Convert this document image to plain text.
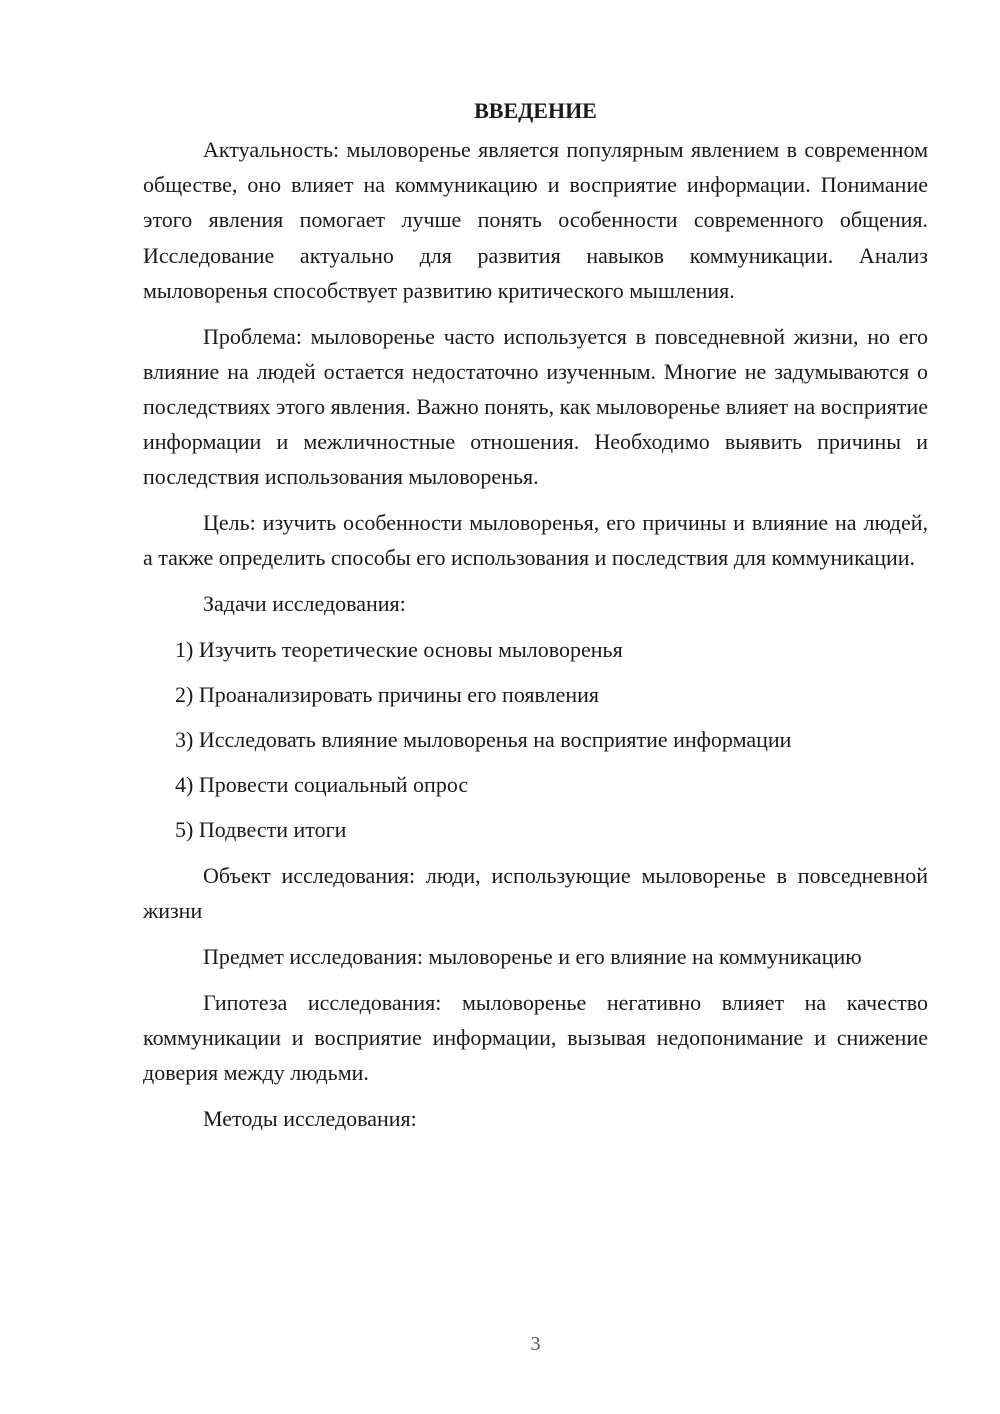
ВВЕДЕНИЕ

Актуальность: мыловоренье является популярным явлением в современном обществе, оно влияет на коммуникацию и восприятие информации. Понимание этого явления помогает лучше понять особенности современного общения. Исследование актуально для развития навыков коммуникации. Анализ мыловоренья способствует развитию критического мышления.

Проблема: мыловоренье часто используется в повседневной жизни, но его влияние на людей остается недостаточно изученным. Многие не задумываются о последствиях этого явления. Важно понять, как мыловоренье влияет на восприятие информации и межличностные отношения. Необходимо выявить причины и последствия использования мыловоренья.

Цель: изучить особенности мыловоренья, его причины и влияние на людей, а также определить способы его использования и последствия для коммуникации.

Задачи исследования:

1) Изучить теоретические основы мыловоренья
2) Проанализировать причины его появления
3) Исследовать влияние мыловоренья на восприятие информации
4) Провести социальный опрос
5) Подвести итоги

Объект исследования: люди, использующие мыловоренье в повседневной жизни

Предмет исследования: мыловоренье и его влияние на коммуникацию

Гипотеза исследования: мыловоренье негативно влияет на качество коммуникации и восприятие информации, вызывая недопонимание и снижение доверия между людьми.

Методы исследования:

3
